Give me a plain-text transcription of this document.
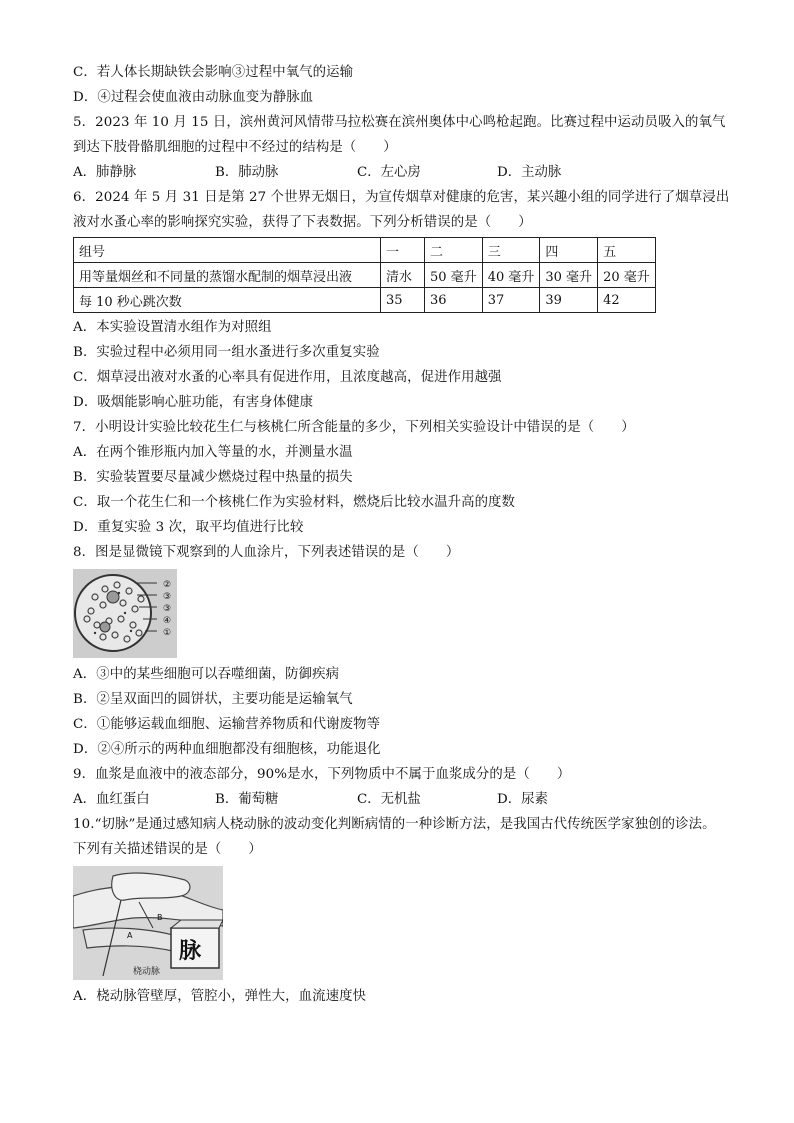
C．若人体长期缺铁会影响③过程中氧气的运输
D．④过程会使血液由动脉血变为静脉血
5．2023 年 10 月 15 日，滨州黄河风情带马拉松赛在滨州奥体中心鸣枪起跑。比赛过程中运动员吸入的氧气
到达下肢骨骼肌细胞的过程中不经过的结构是（　　）
A．肺静脉	B．肺动脉	C．左心房	D．主动脉
6．2024 年 5 月 31 日是第 27 个世界无烟日，为宣传烟草对健康的危害，某兴趣小组的同学进行了烟草浸出
液对水蚤心率的影响探究实验，获得了下表数据。下列分析错误的是（　　）
组号	一	二	三	四	五
用等量烟丝和不同量的蒸馏水配制的烟草浸出液	清水	50 毫升	40 毫升	30 毫升	20 毫升
每 10 秒心跳次数	35	36	37	39	42
A．本实验设置清水组作为对照组
B．实验过程中必须用同一组水蚤进行多次重复实验
C．烟草浸出液对水蚤的心率具有促进作用，且浓度越高，促进作用越强
D．吸烟能影响心脏功能，有害身体健康
7．小明设计实验比较花生仁与核桃仁所含能量的多少，下列相关实验设计中错误的是（　　）
A．在两个锥形瓶内加入等量的水，并测量水温
B．实验装置要尽量减少燃烧过程中热量的损失
C．取一个花生仁和一个核桃仁作为实验材料，燃烧后比较水温升高的度数
D．重复实验 3 次，取平均值进行比较
8．图是显微镜下观察到的人血涂片，下列表述错误的是（　　）
②
③
③
④
①
A．③中的某些细胞可以吞噬细菌，防御疾病
B．②呈双面凹的圆饼状，主要功能是运输氧气
C．①能够运载血细胞、运输营养物质和代谢废物等
D．②④所示的两种血细胞都没有细胞核，功能退化
9．血浆是血液中的液态部分，90%是水，下列物质中不属于血浆成分的是（　　）
A．血红蛋白	B．葡萄糖	C．无机盐	D．尿素
10.“切脉”是通过感知病人桡动脉的波动变化判断病情的一种诊断方法，是我国古代传统医学家独创的诊法。
下列有关描述错误的是（　　）
脉
A
B
桡动脉
A．桡动脉管壁厚，管腔小，弹性大，血流速度快
